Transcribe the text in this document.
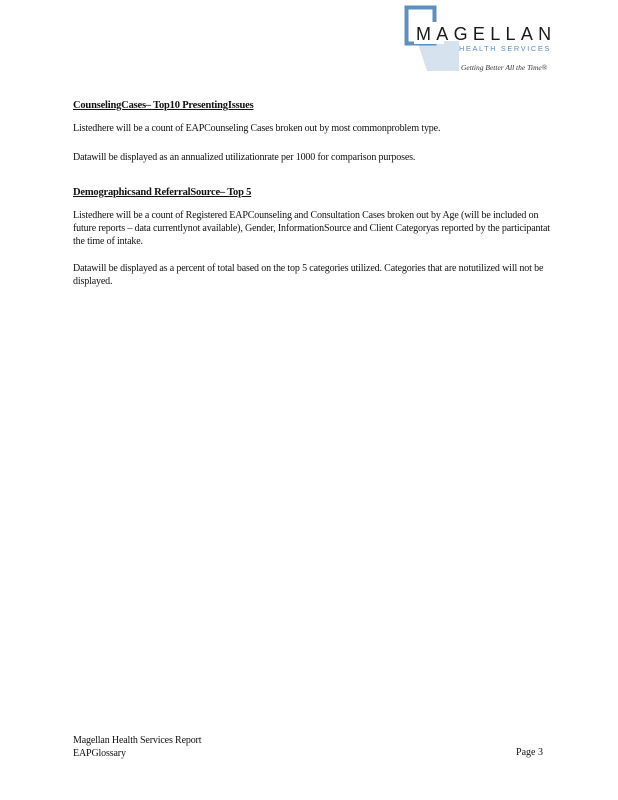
MAGELLAN
HEALTH SERVICES
Getting Better All the Time®

CounselingCases– Top10 PresentingIssues

Listedhere will be a count of EAPCounseling Cases broken out by most commonproblem type.

Datawill be displayed as an annualized utilizationrate per 1000 for comparison purposes.

Demographicsand ReferralSource– Top 5

Listedhere will be a count of Registered EAPCounseling and Consultation Cases broken out by Age (will be included on future reports – data currentlynot available), Gender, InformationSource and Client Categoryas reported by the participantat the time of intake.

Datawill be displayed as a percent of total based on the top 5 categories utilized. Categories that are notutilized will not be displayed.

Magellan Health Services Report
EAPGlossary	Page 3
